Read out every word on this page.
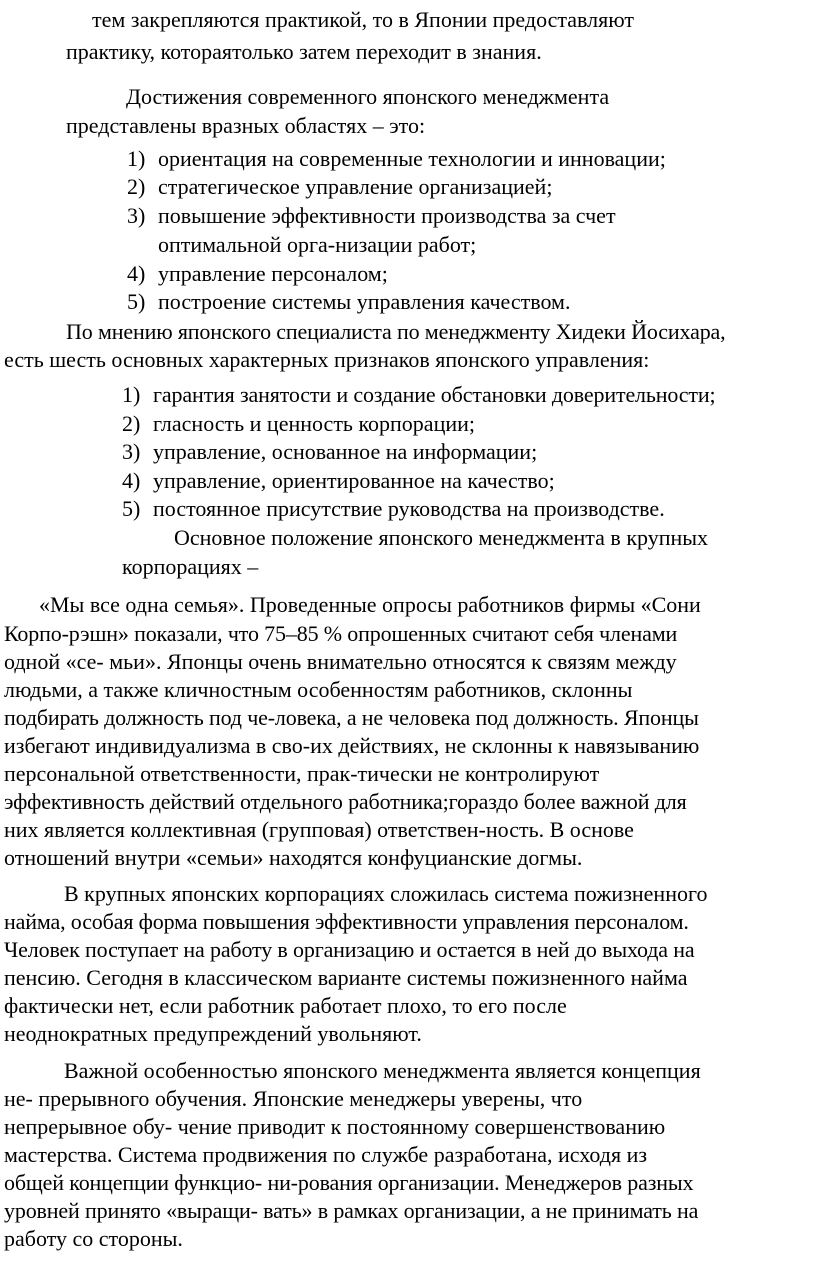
тем закрепляются практикой, то в Японии предоставляют
практику, котораятолько затем переходит в знания.
Достижения современного японского менеджмента
представлены вразных областях – это:
1) ориентация на современные технологии и инновации;
2) стратегическое управление организацией;
3) повышение эффективности производства за счет
оптимальной орга-низации работ;
4) управление персоналом;
5) построение системы управления качеством.
По мнению японского специалиста по менеджменту Хидеки Йосихара,
есть шесть основных характерных признаков японского управления:
1) гарантия занятости и создание обстановки доверительности;
2) гласность и ценность корпорации;
3) управление, основанное на информации;
4) управление, ориентированное на качество;
5) постоянное присутствие руководства на производстве.
Основное положение японского менеджмента в крупных
корпорациях –
«Мы все одна семья». Проведенные опросы работников фирмы «Сони
Корпо-рэшн» показали, что 75–85 % опрошенных считают себя членами
одной «се- мьи». Японцы очень внимательно относятся к связям между
людьми, а также кличностным особенностям работников, склонны
подбирать должность под че-ловека, а не человека под должность. Японцы
избегают индивидуализма в сво-их действиях, не склонны к навязыванию
персональной ответственности, прак-тически не контролируют
эффективность действий отдельного работника;гораздо более важной для
них является коллективная (групповая) ответствен-ность. В основе
отношений внутри «семьи» находятся конфуцианские догмы.
В крупных японских корпорациях сложилась система пожизненного
найма, особая форма повышения эффективности управления персоналом.
Человек поступает на работу в организацию и остается в ней до выхода на
пенсию. Сегодня в классическом варианте системы пожизненного найма
фактически нет, если работник работает плохо, то его после
неоднократных предупреждений увольняют.
Важной особенностью японского менеджмента является концепция
не- прерывного обучения. Японские менеджеры уверены, что
непрерывное обу- чение приводит к постоянному совершенствованию
мастерства. Система продвижения по службе разработана, исходя из
общей концепции функцио- ни-рования организации. Менеджеров разных
уровней принято «выращи- вать» в рамках организации, а не принимать на
работу со стороны.
